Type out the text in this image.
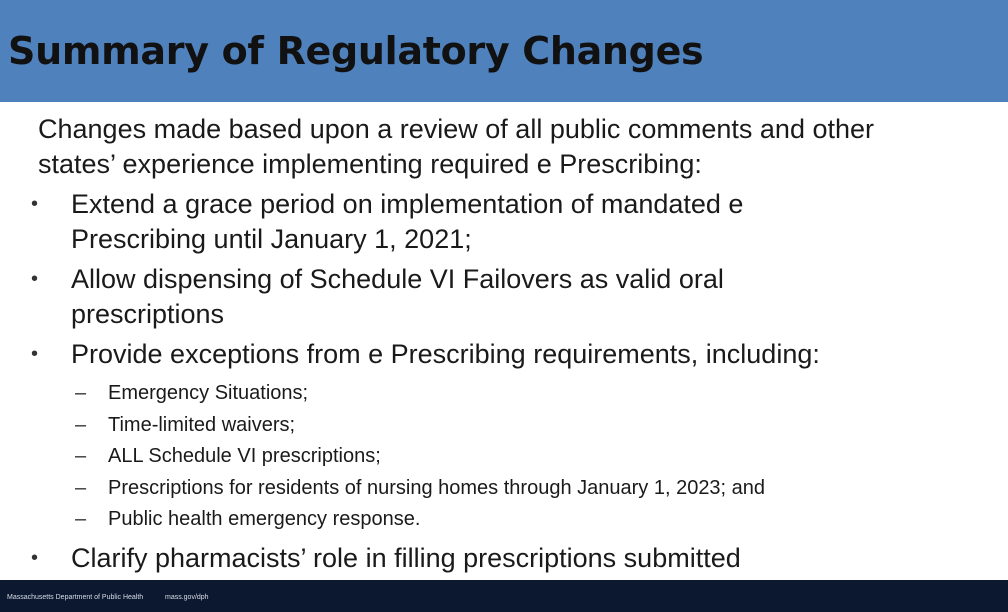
Summary of Regulatory Changes

Changes made based upon a review of all public comments and other states’ experience implementing required e Prescribing:

• Extend a grace period on implementation of mandated e Prescribing until January 1, 2021;
• Allow dispensing of Schedule VI Failovers as valid oral prescriptions
• Provide exceptions from e Prescribing requirements, including:
– Emergency Situations;
– Time-limited waivers;
– ALL Schedule VI prescriptions;
– Prescriptions for residents of nursing homes through January 1, 2023; and
– Public health emergency response.
• Clarify pharmacists’ role in filling prescriptions submitted
Massachusetts Department of Public Health	mass.gov/dph
